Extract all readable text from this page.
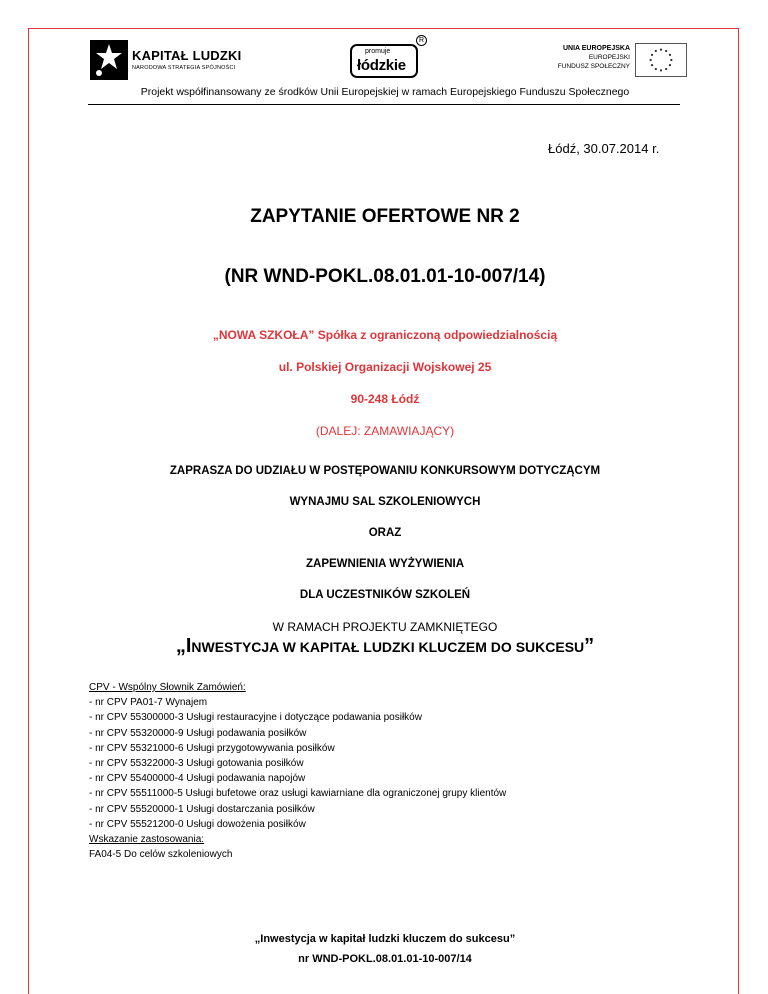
KAPITAŁ LUDZKI
NARODOWA STRATEGIA SPÓJNOŚCI
promuje
łódzkie
R
UNIA EUROPEJSKA
EUROPEJSKI
FUNDUSZ SPOŁECZNY
Projekt współfinansowany ze środków Unii Europejskiej w ramach Europejskiego Funduszu Społecznego
Łódź, 30.07.2014 r.
ZAPYTANIE OFERTOWE NR 2
(NR WND-POKL.08.01.01-10-007/14)
„NOWA SZKOŁA” Spółka z ograniczoną odpowiedzialnością
ul. Polskiej Organizacji Wojskowej 25
90-248 Łódź
(DALEJ: ZAMAWIAJĄCY)
ZAPRASZA DO UDZIAŁU W POSTĘPOWANIU KONKURSOWYM DOTYCZĄCYM
WYNAJMU SAL SZKOLENIOWYCH
ORAZ
ZAPEWNIENIA WYŻYWIENIA
DLA UCZESTNIKÓW SZKOLEŃ
W RAMACH PROJEKTU ZAMKNIĘTEGO
„INWESTYCJA W KAPITAŁ LUDZKI KLUCZEM DO SUKCESU”
CPV - Wspólny Słownik Zamówień:
- nr CPV PA01-7 Wynajem
- nr CPV 55300000-3 Usługi restauracyjne i dotyczące podawania posiłków
- nr CPV 55320000-9 Usługi podawania posiłków
- nr CPV 55321000-6 Usługi przygotowywania posiłków
- nr CPV 55322000-3 Usługi gotowania posiłków
- nr CPV 55400000-4 Usługi podawania napojów
- nr CPV 55511000-5 Usługi bufetowe oraz usługi kawiarniane dla ograniczonej grupy klientów
- nr CPV 55520000-1 Usługi dostarczania posiłków
- nr CPV 55521200-0 Usługi dowożenia posiłków
Wskazanie zastosowania:
FA04-5 Do celów szkoleniowych
„Inwestycja w kapitał ludzki kluczem do sukcesu”
nr WND-POKL.08.01.01-10-007/14
